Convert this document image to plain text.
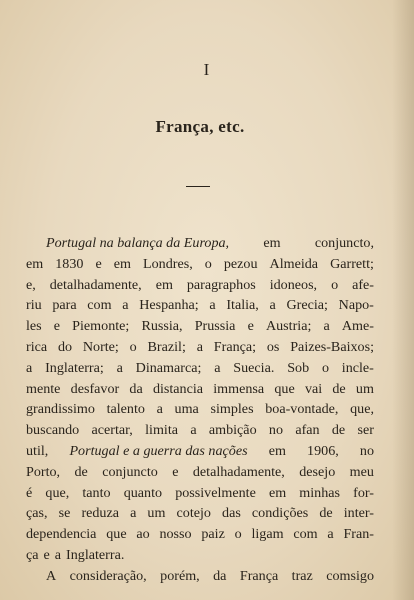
I
França, etc.
Portugal na balança da Europa, em conjuncto,
em 1830 e em Londres, o pezou Almeida Garrett;
e, detalhadamente, em paragraphos idoneos, o afe-
riu para com a Hespanha; a Italia, a Grecia; Napo-
les e Piemonte; Russia, Prussia e Austria; a Ame-
rica do Norte; o Brazil; a França; os Paizes-Baixos;
a Inglaterra; a Dinamarca; a Suecia. Sob o incle-
mente desfavor da distancia immensa que vai de um
grandissimo talento a uma simples boa-vontade, que,
buscando acertar, limita a ambição no afan de ser
util, Portugal e a guerra das nações em 1906, no
Porto, de conjuncto e detalhadamente, desejo meu
é que, tanto quanto possivelmente em minhas for-
ças, se reduza a um cotejo das condições de inter-
dependencia que ao nosso paiz o ligam com a Fran-
ça e a Inglaterra.
A consideração, porém, da França traz comsigo
